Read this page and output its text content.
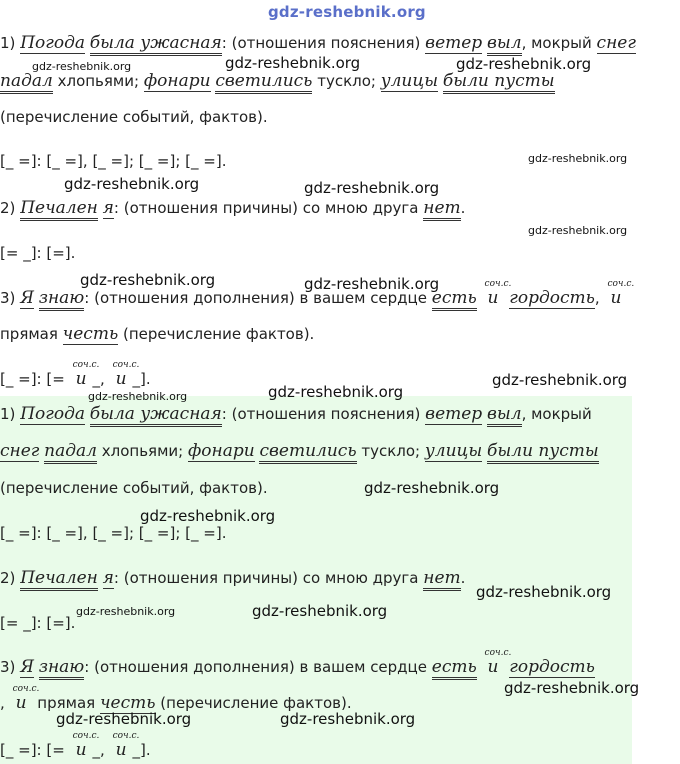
gdz-reshebnik.org
1) Погода была ужасная: (отношения пояснения) ветер выл, мокрый снег
падал хлопьями; фонари светились тускло; улицы были пусты
(перечисление событий, фактов).
[_ =]: [_ =], [_ =]; [_ =]; [_ =].
2) Печален я: (отношения причины) со мною друга нет.
[= _]: [=].
3) Я знаю: (отношения дополнения) в вашем сердце есть
соч.с.
и гордость,
соч.с.
и
прямая честь (перечисление фактов).
[_ =]: [=
соч.с.
и _,
соч.с.
и _].
1) Погода была ужасная: (отношения пояснения) ветер выл, мокрый
снег падал хлопьями; фонари светились тускло; улицы были пусты
(перечисление событий, фактов).
[_ =]: [_ =], [_ =]; [_ =]; [_ =].
2) Печален я: (отношения причины) со мною друга нет.
[= _]: [=].
3) Я знаю: (отношения дополнения) в вашем сердце есть
соч.с.
и гордость
,
соч.с.
и прямая честь (перечисление фактов).
[_ =]: [=
соч.с.
и _,
соч.с.
и _].
gdz-reshebnik.org	gdz-reshebnik.org	gdz-reshebnik.org
gdz-reshebnik.org
gdz-reshebnik.org	gdz-reshebnik.org
gdz-reshebnik.org
gdz-reshebnik.org	gdz-reshebnik.org
gdz-reshebnik.org
gdz-reshebnik.org
gdz-reshebnik.org
gdz-reshebnik.org
gdz-reshebnik.org
gdz-reshebnik.org
gdz-reshebnik.org	gdz-reshebnik.org
gdz-reshebnik.org
gdz-reshebnik.org	gdz-reshebnik.org
